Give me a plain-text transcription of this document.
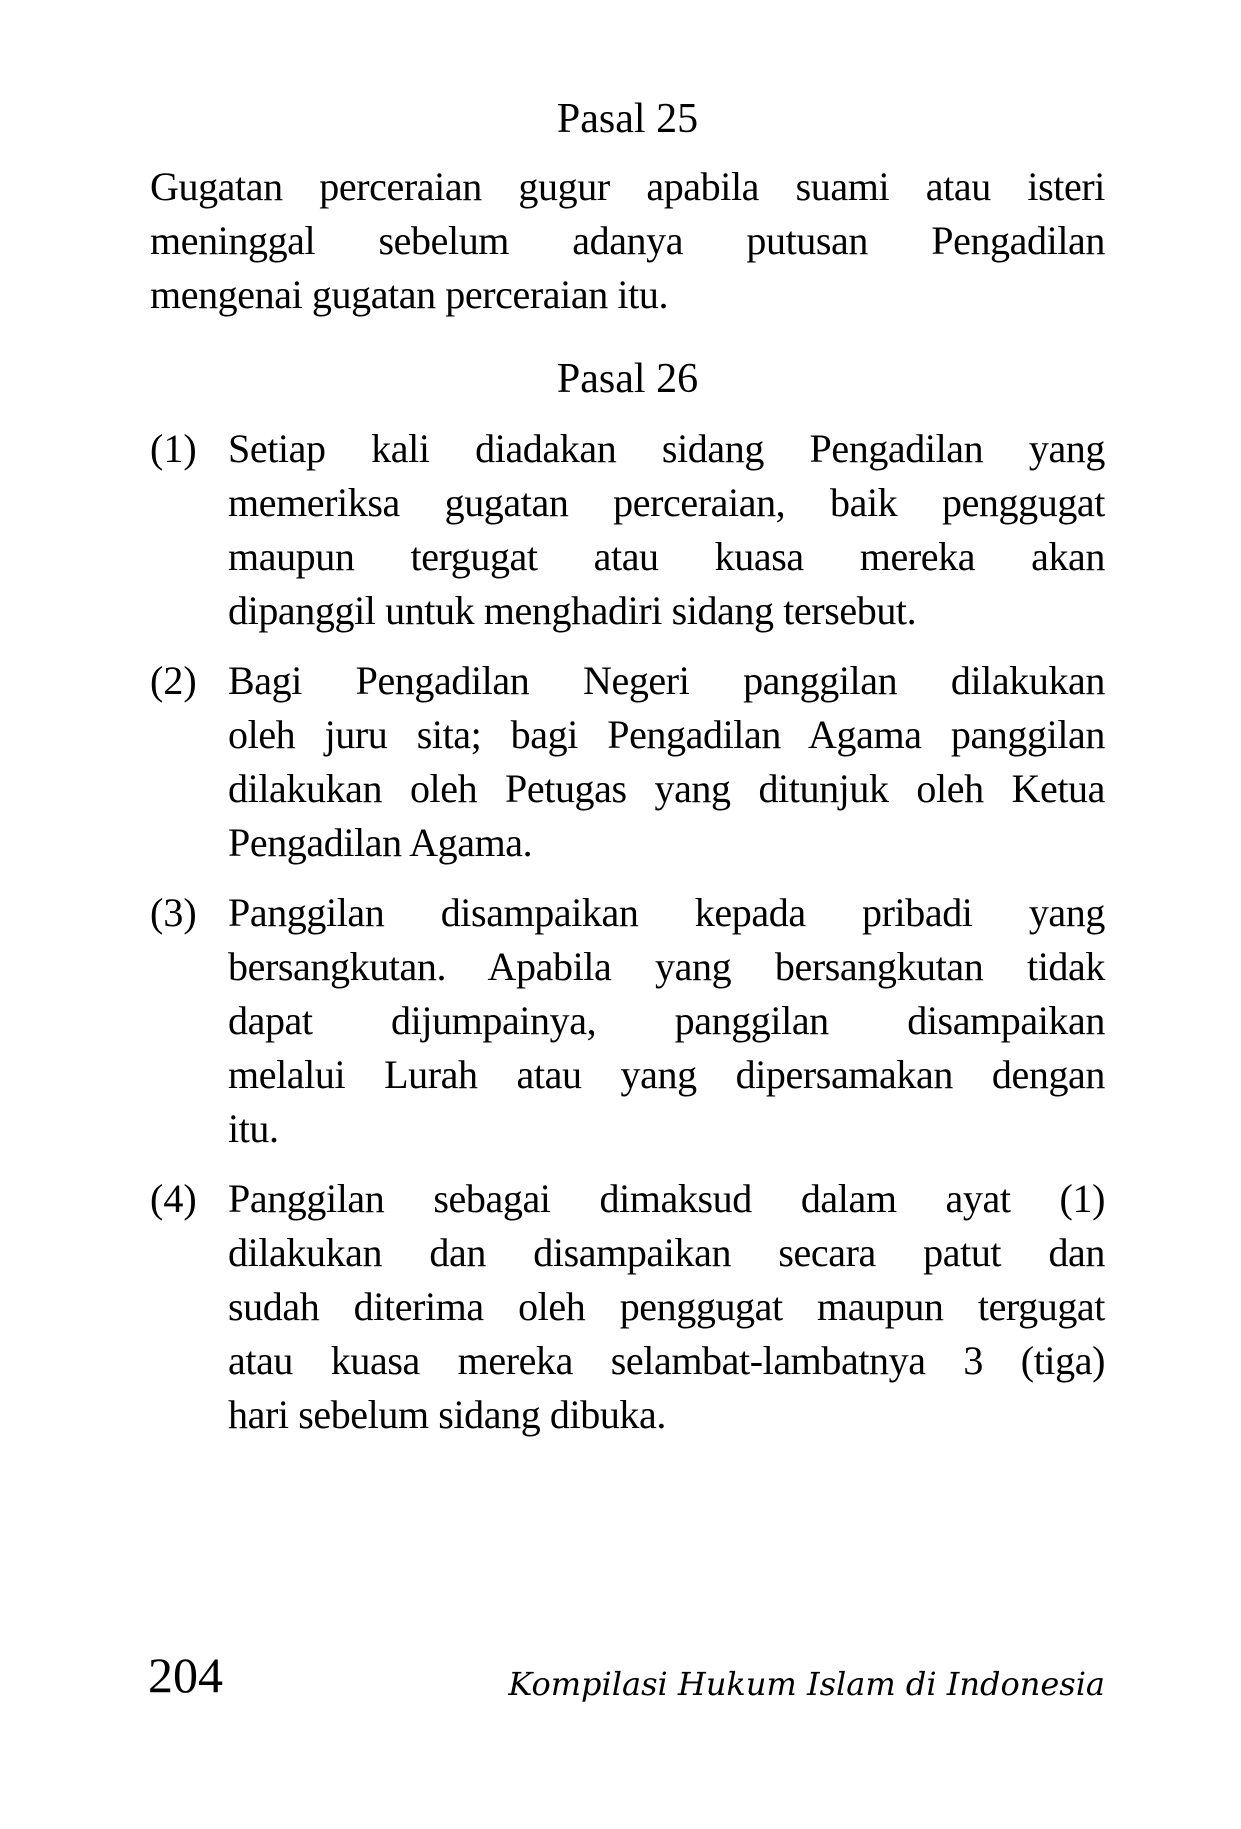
Pasal 25
Gugatan perceraian gugur apabila suami atau isteri
meninggal sebelum adanya putusan Pengadilan
mengenai gugatan perceraian itu.
Pasal 26
(1) Setiap kali diadakan sidang Pengadilan yang
memeriksa gugatan perceraian, baik penggugat
maupun tergugat atau kuasa mereka akan
dipanggil untuk menghadiri sidang tersebut.
(2) Bagi Pengadilan Negeri panggilan dilakukan
oleh juru sita; bagi Pengadilan Agama panggilan
dilakukan oleh Petugas yang ditunjuk oleh Ketua
Pengadilan Agama.
(3) Panggilan disampaikan kepada pribadi yang
bersangkutan. Apabila yang bersangkutan tidak
dapat dijumpainya, panggilan disampaikan
melalui Lurah atau yang dipersamakan dengan
itu.
(4) Panggilan sebagai dimaksud dalam ayat (1)
dilakukan dan disampaikan secara patut dan
sudah diterima oleh penggugat maupun tergugat
atau kuasa mereka selambat-lambatnya 3 (tiga)
hari sebelum sidang dibuka.
204	Kompilasi Hukum Islam di Indonesia
